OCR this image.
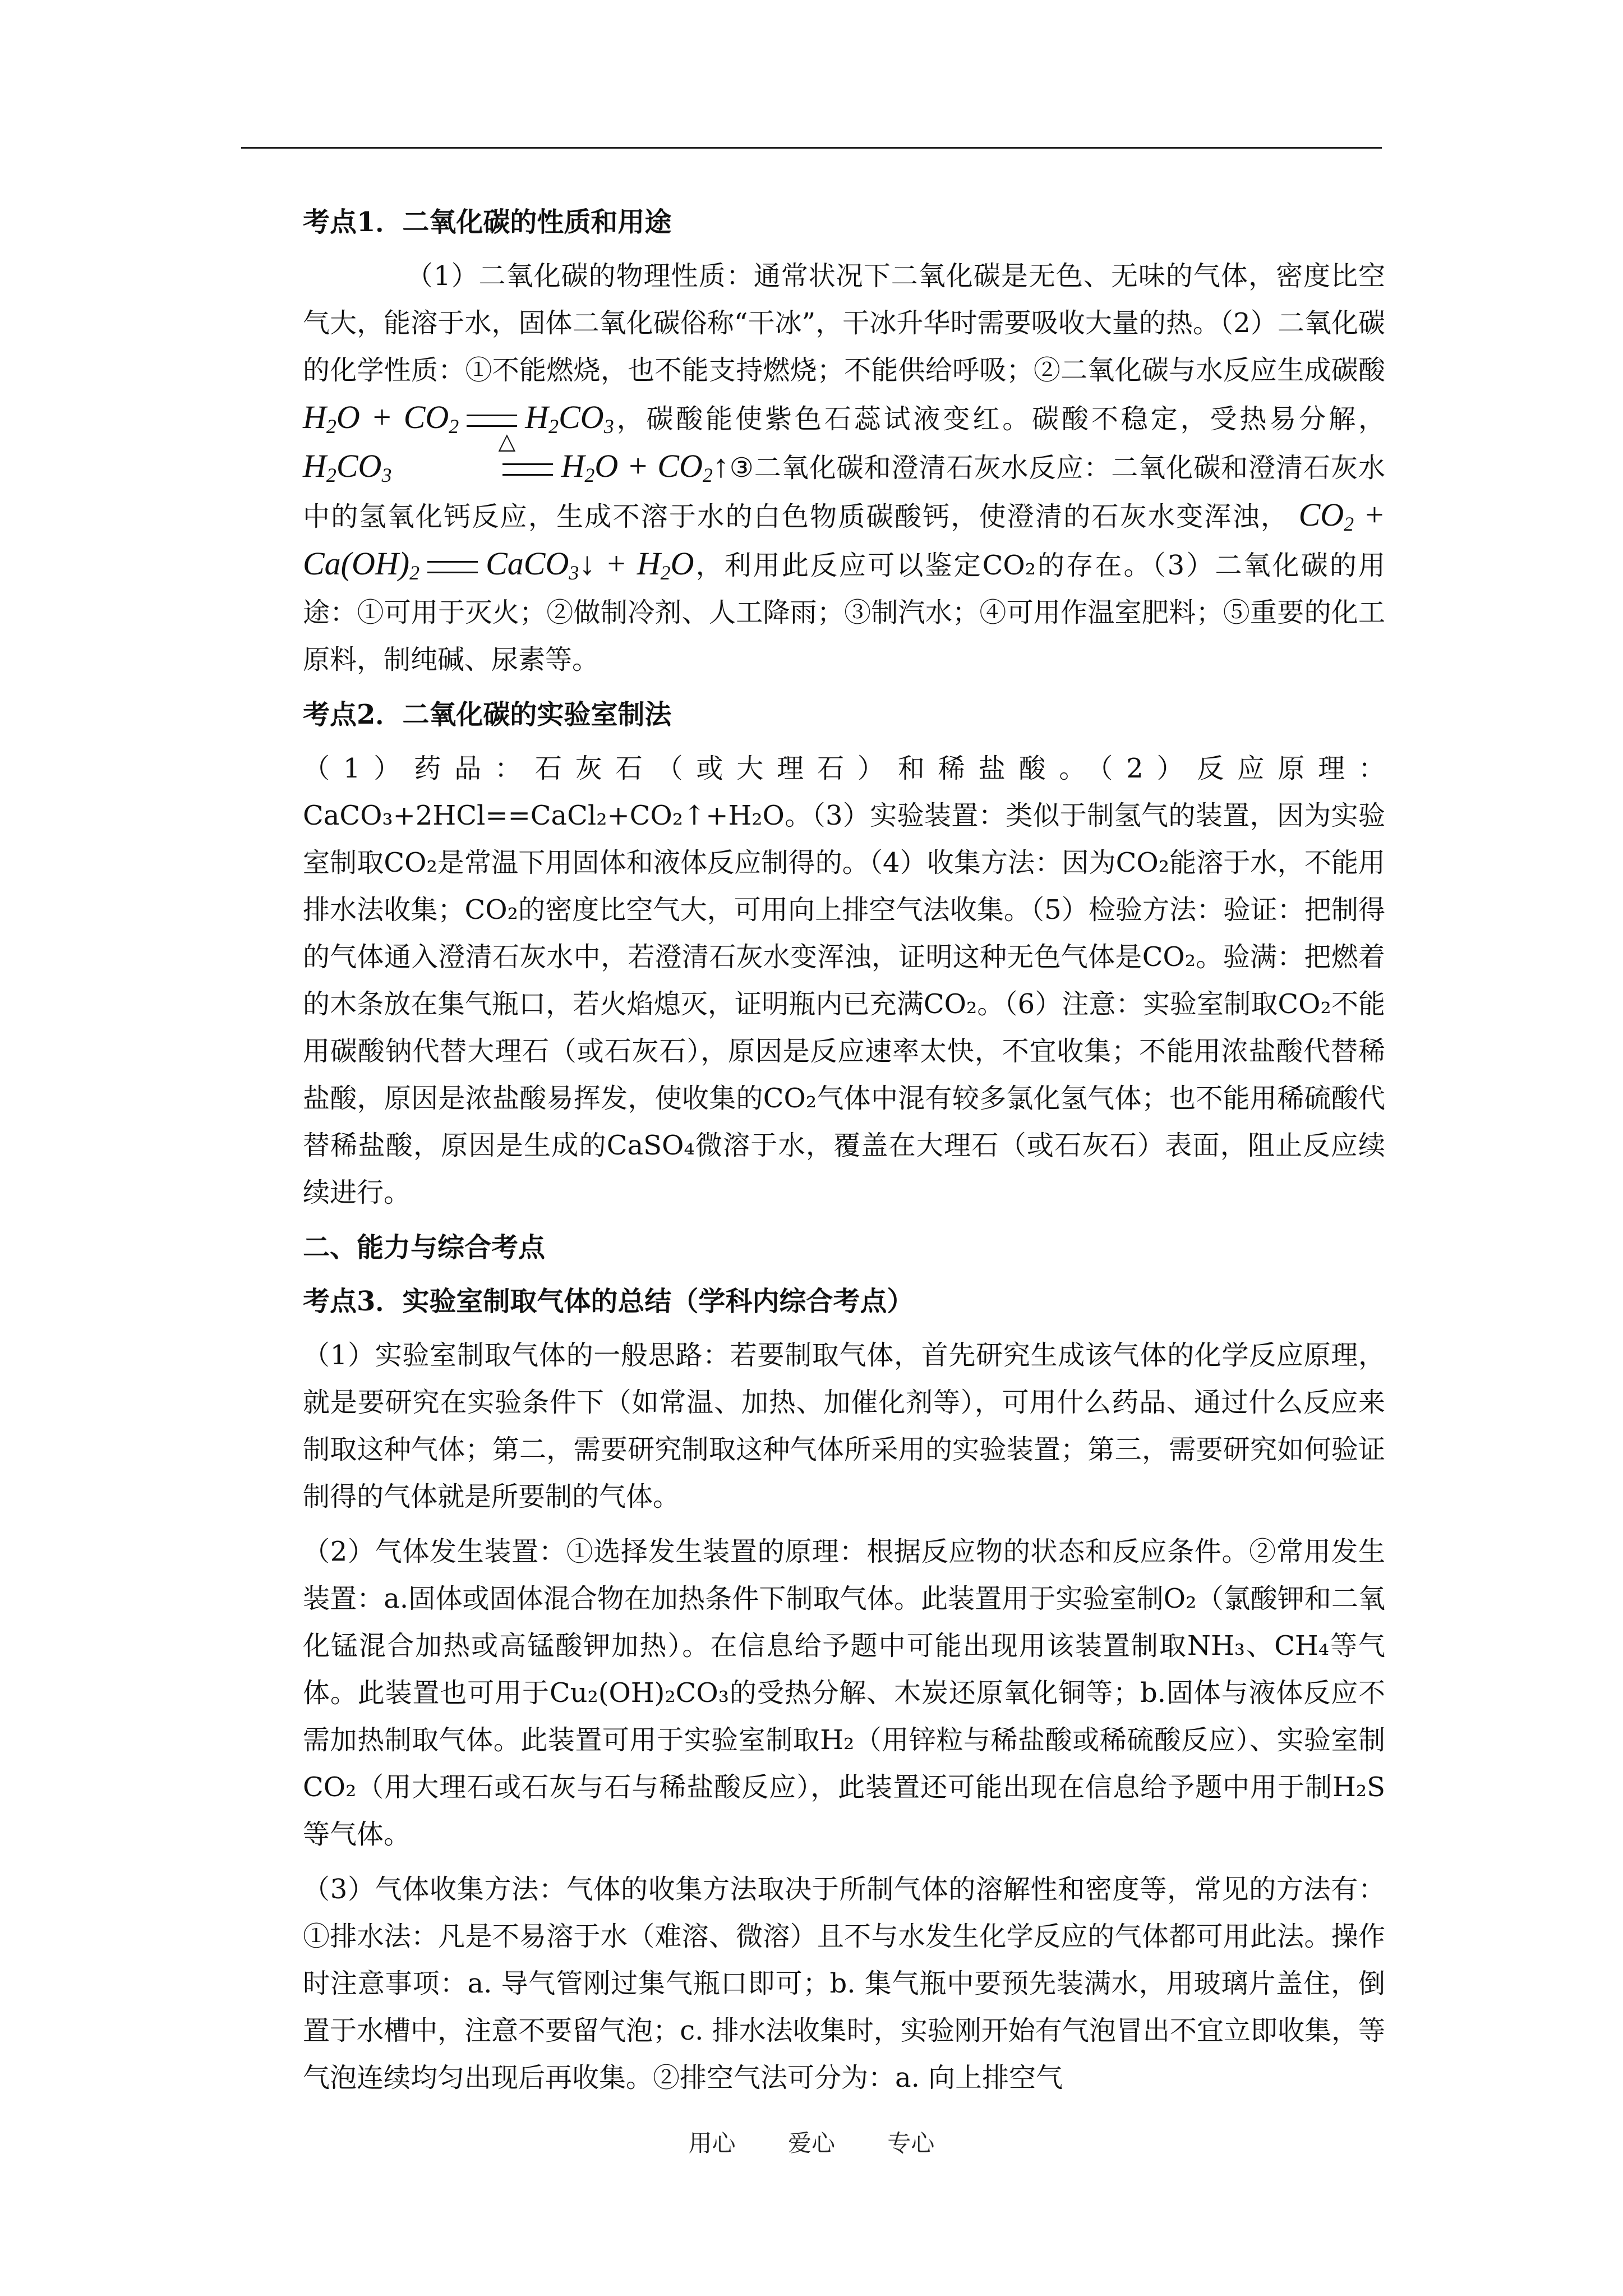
考点1．二氧化碳的性质和用途
（1）二氧化碳的物理性质：通常状况下二氧化碳是无色、无味的气体，密度比空气大，能溶于水，固体二氧化碳俗称“干冰”，干冰升华时需要吸收大量的热。（2）二氧化碳的化学性质：①不能燃烧，也不能支持燃烧；不能供给呼吸；②二氧化碳与水反应生成碳酸 $H_2O + CO_2$ $H_2CO_3$，碳酸能使紫色石蕊试液变红。碳酸不稳定，受热易分解，$H_2CO_3$
△
$H_2O$ + $CO_2↑③$二氧化碳和澄清石灰水反应：二氧化碳和澄清石灰水中的氢氧化钙反应，生成不溶于水的白色物质碳酸钙，使澄清的石灰水变浑浊， $CO_2 + Ca(OH)_2$ CaCO$_3$↓ + $H_2O$，利用此反应可以鉴定CO₂的存在。（3）二氧化碳的用途：①可用于灭火；②做制冷剂、人工降雨；③制汽水；④可用作温室肥料；⑤重要的化工原料，制纯碱、尿素等。
考点2．二氧化碳的实验室制法
（1）药品：石灰石（或大理石）和稀盐酸。（2）反应原理：CaCO₃+2HCl==CaCl₂+CO₂↑+H₂O。（3）实验装置：类似于制氢气的装置，因为实验室制取CO₂是常温下用固体和液体反应制得的。（4）收集方法：因为CO₂能溶于水，不能用排水法收集；CO₂的密度比空气大，可用向上排空气法收集。（5）检验方法：验证：把制得的气体通入澄清石灰水中，若澄清石灰水变浑浊，证明这种无色气体是CO₂。验满：把燃着的木条放在集气瓶口，若火焰熄灭，证明瓶内已充满CO₂。（6）注意：实验室制取CO₂不能用碳酸钠代替大理石（或石灰石），原因是反应速率太快，不宜收集；不能用浓盐酸代替稀盐酸，原因是浓盐酸易挥发，使收集的CO₂气体中混有较多氯化氢气体；也不能用稀硫酸代替稀盐酸，原因是生成的CaSO₄微溶于水，覆盖在大理石（或石灰石）表面，阻止反应续续进行。
二、能力与综合考点
考点3．实验室制取气体的总结（学科内综合考点）
（1）实验室制取气体的一般思路：若要制取气体，首先研究生成该气体的化学反应原理，就是要研究在实验条件下（如常温、加热、加催化剂等），可用什么药品、通过什么反应来制取这种气体；第二，需要研究制取这种气体所采用的实验装置；第三，需要研究如何验证制得的气体就是所要制的气体。
（2）气体发生装置：①选择发生装置的原理：根据反应物的状态和反应条件。②常用发生装置：a.固体或固体混合物在加热条件下制取气体。此装置用于实验室制O₂（氯酸钾和二氧化锰混合加热或高锰酸钾加热）。在信息给予题中可能出现用该装置制取NH₃、CH₄等气体。此装置也可用于Cu₂(OH)₂CO₃的受热分解、木炭还原氧化铜等；b.固体与液体反应不需加热制取气体。此装置可用于实验室制取H₂（用锌粒与稀盐酸或稀硫酸反应）、实验室制CO₂（用大理石或石灰与石与稀盐酸反应），此装置还可能出现在信息给予题中用于制H₂S等气体。
（3）气体收集方法：气体的收集方法取决于所制气体的溶解性和密度等，常见的方法有：①排水法：凡是不易溶于水（难溶、微溶）且不与水发生化学反应的气体都可用此法。操作时注意事项：a. 导气管刚过集气瓶口即可；b. 集气瓶中要预先装满水，用玻璃片盖住，倒置于水槽中，注意不要留气泡；c. 排水法收集时，实验刚开始有气泡冒出不宜立即收集，等气泡连续均匀出现后再收集。②排空气法可分为：a. 向上排空气
用心 爱心 专心
